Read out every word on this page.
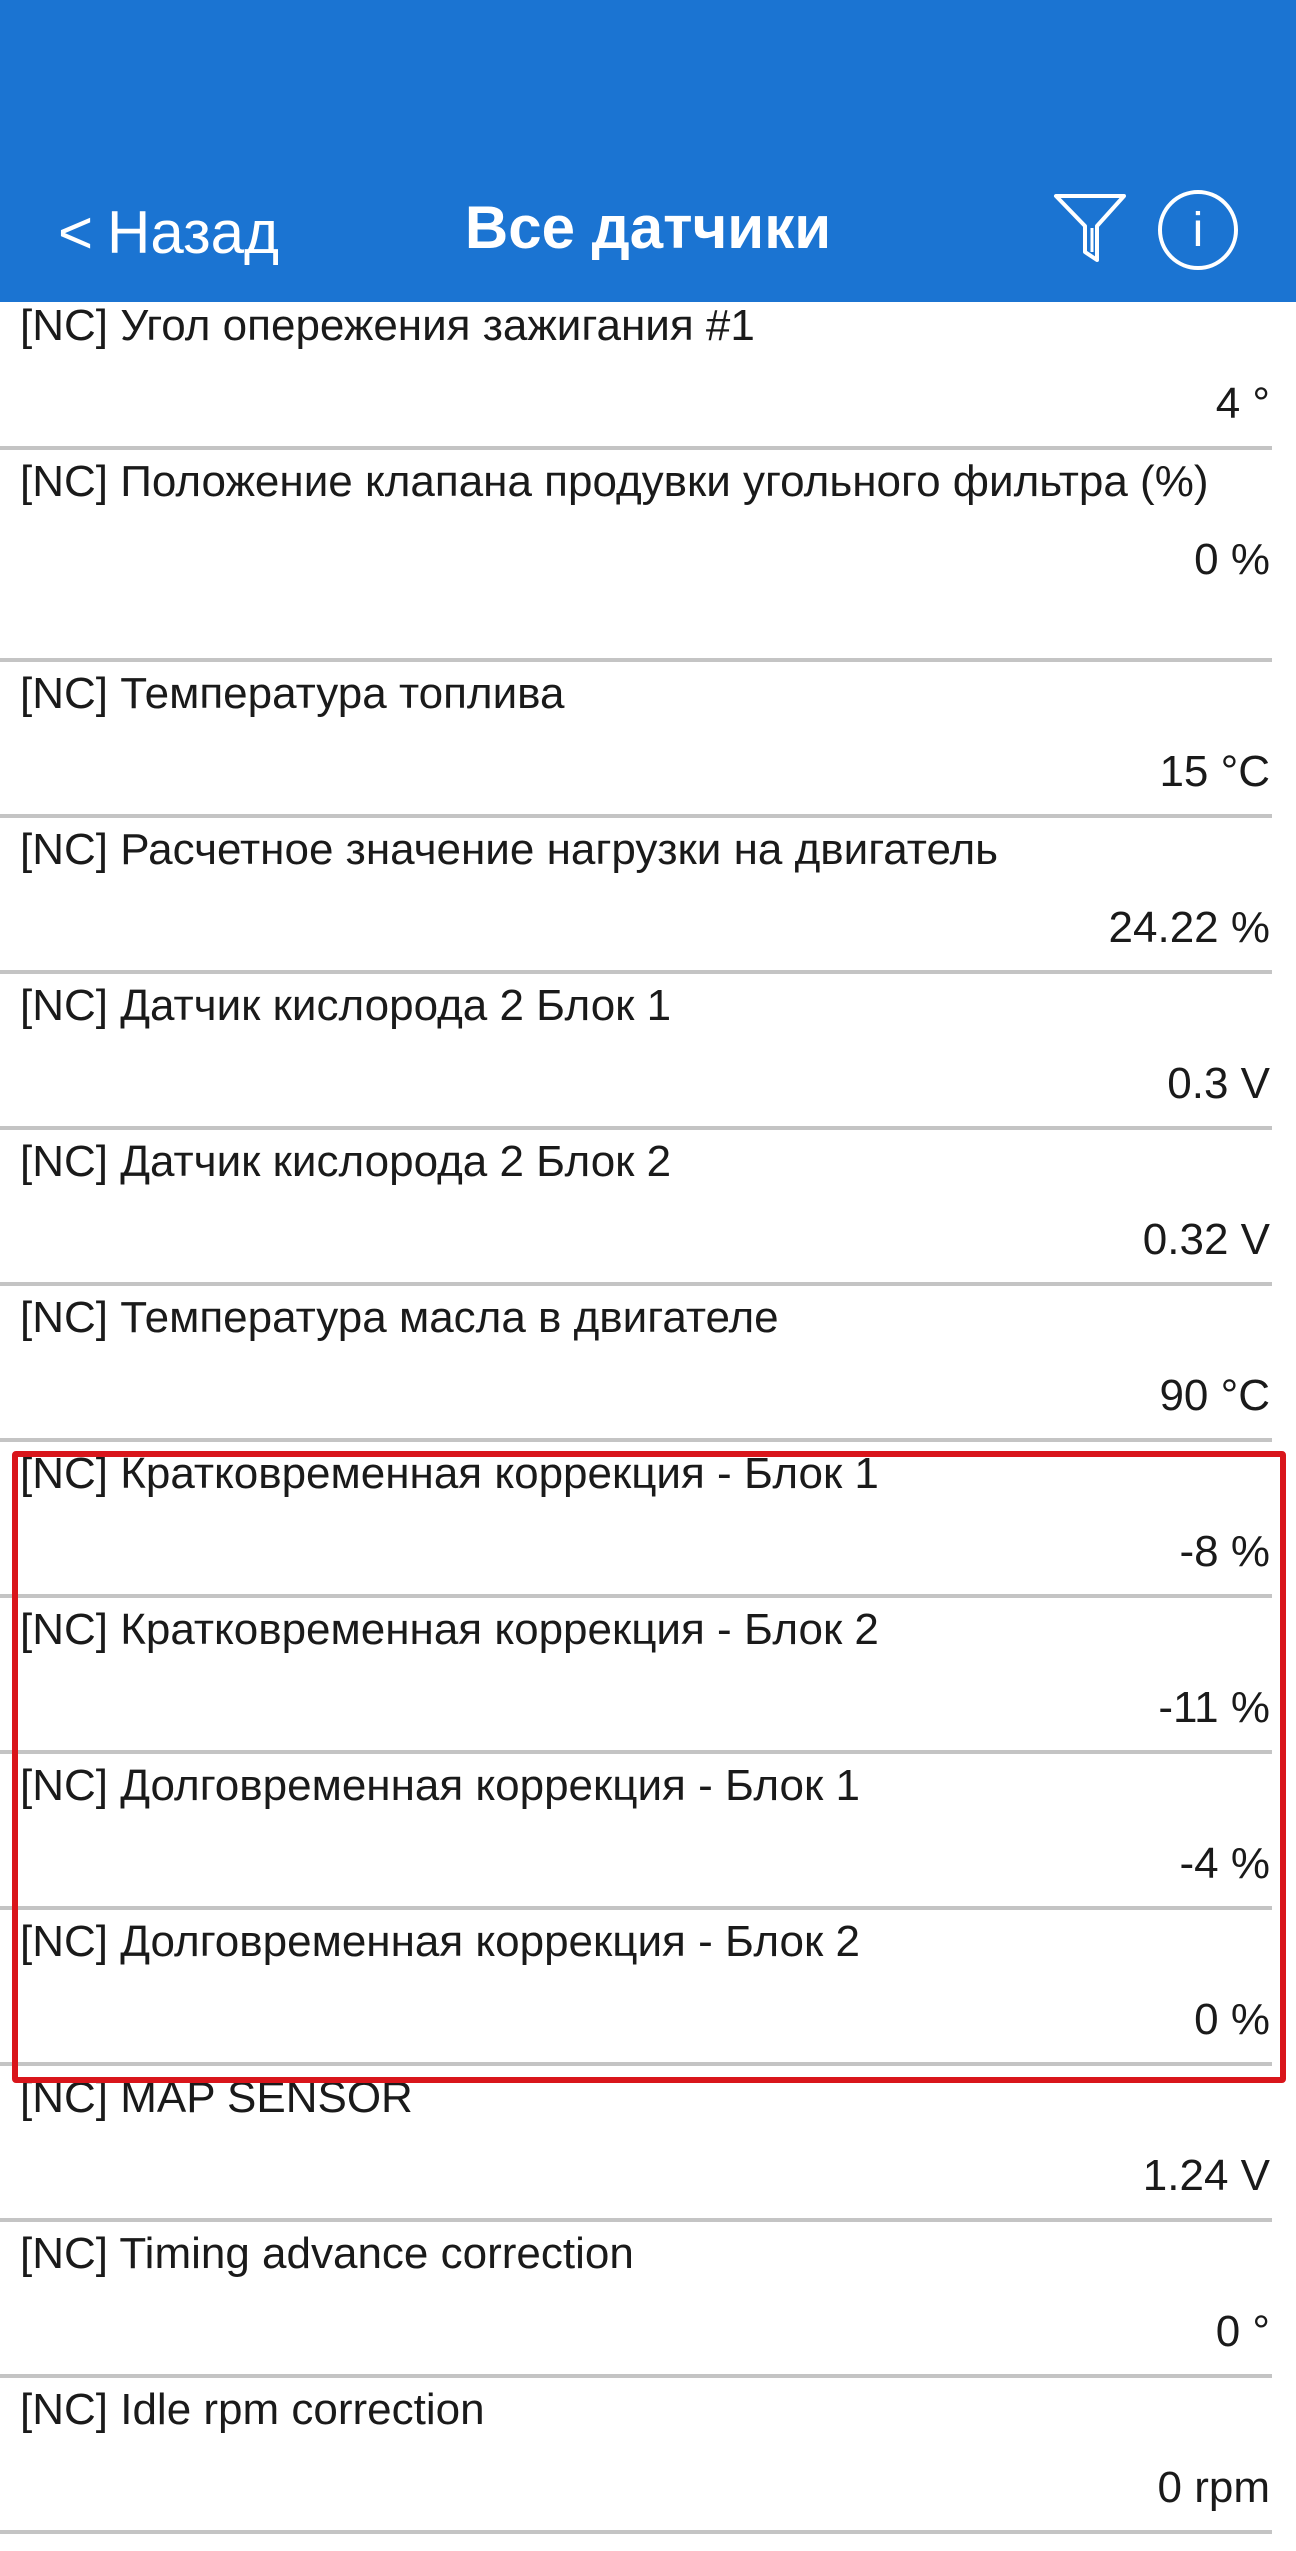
< Назад	Все датчики	i
[NC] Угол опережения зажигания #1
4 °
[NC] Положение клапана продувки угольного фильтра (%)
0 %
[NC] Температура топлива
15 °C
[NC] Расчетное значение нагрузки на двигатель
24.22 %
[NC] Датчик кислорода 2 Блок 1
0.3 V
[NC] Датчик кислорода 2 Блок 2
0.32 V
[NC] Температура масла в двигателе
90 °C
[NC] Кратковременная коррекция - Блок 1
-8 %
[NC] Кратковременная коррекция - Блок 2
-11 %
[NC] Долговременная коррекция - Блок 1
-4 %
[NC] Долговременная коррекция - Блок 2
0 %
[NC] MAP SENSOR
1.24 V
[NC] Timing advance correction
0 °
[NC] Idle rpm correction
0 rpm
